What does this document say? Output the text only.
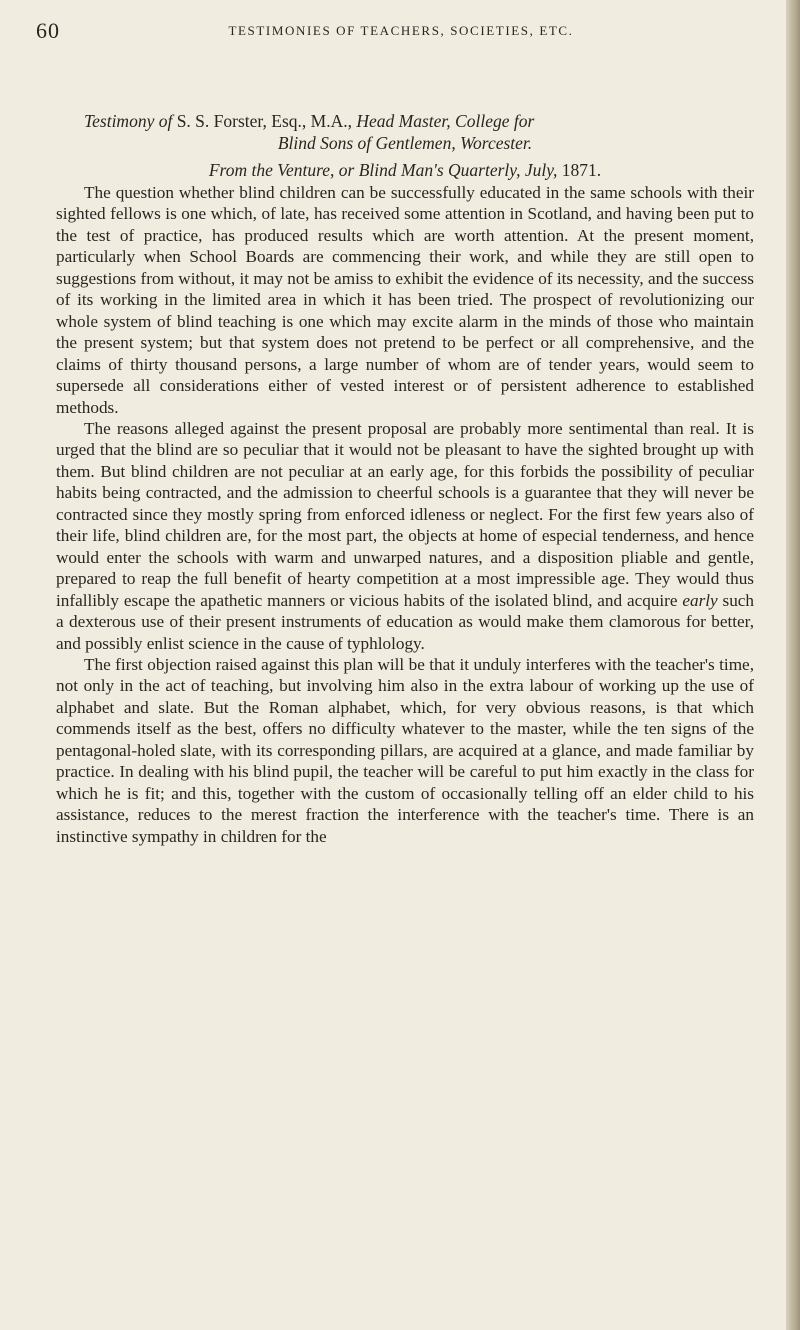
60	TESTIMONIES OF TEACHERS, SOCIETIES, ETC.

Testimony of S. S. Forster, Esq., M.A., Head Master, College for
Blind Sons of Gentlemen, Worcester.

From the Venture, or Blind Man's Quarterly, July, 1871.

The question whether blind children can be successfully educated in the same schools with their sighted fellows is one which, of late, has received some attention in Scotland, and having been put to the test of practice, has produced results which are worth attention. At the present moment, particularly when School Boards are commencing their work, and while they are still open to suggestions from without, it may not be amiss to exhibit the evidence of its necessity, and the success of its working in the limited area in which it has been tried. The prospect of revolutionizing our whole system of blind teaching is one which may excite alarm in the minds of those who maintain the present system; but that system does not pretend to be perfect or all comprehensive, and the claims of thirty thousand persons, a large number of whom are of tender years, would seem to supersede all considerations either of vested interest or of persistent adherence to established methods.

The reasons alleged against the present proposal are probably more sentimental than real. It is urged that the blind are so peculiar that it would not be pleasant to have the sighted brought up with them. But blind children are not peculiar at an early age, for this forbids the possibility of peculiar habits being contracted, and the admission to cheerful schools is a guarantee that they will never be contracted since they mostly spring from enforced idleness or neglect. For the first few years also of their life, blind children are, for the most part, the objects at home of especial tenderness, and hence would enter the schools with warm and unwarped natures, and a disposition pliable and gentle, prepared to reap the full benefit of hearty competition at a most impressible age. They would thus infallibly escape the apathetic manners or vicious habits of the isolated blind, and acquire early such a dexterous use of their present instruments of education as would make them clamorous for better, and possibly enlist science in the cause of typhlology.

The first objection raised against this plan will be that it unduly interferes with the teacher's time, not only in the act of teaching, but involving him also in the extra labour of working up the use of alphabet and slate. But the Roman alphabet, which, for very obvious reasons, is that which commends itself as the best, offers no difficulty whatever to the master, while the ten signs of the pentagonal-holed slate, with its corresponding pillars, are acquired at a glance, and made familiar by practice. In dealing with his blind pupil, the teacher will be careful to put him exactly in the class for which he is fit; and this, together with the custom of occasionally telling off an elder child to his assistance, reduces to the merest fraction the interference with the teacher's time. There is an instinctive sympathy in children for the
